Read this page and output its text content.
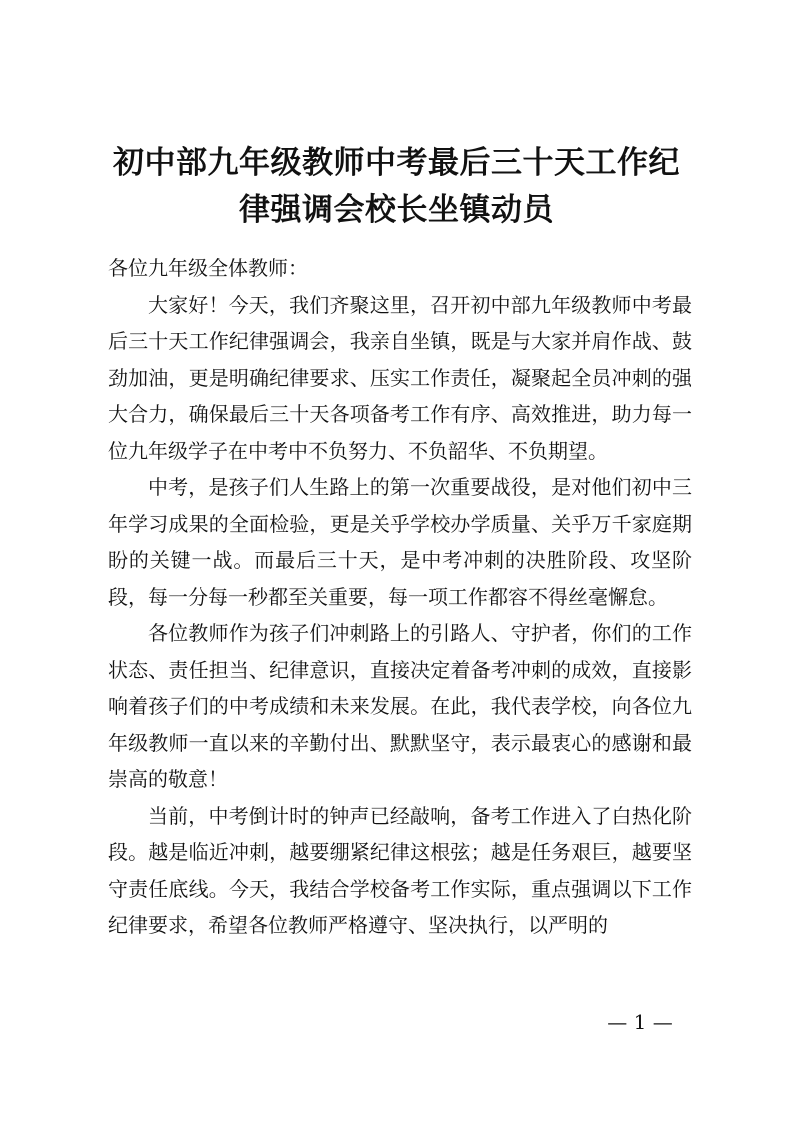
初中部九年级教师中考最后三十天工作纪律强调会校长坐镇动员

各位九年级全体教师：

大家好！今天，我们齐聚这里，召开初中部九年级教师中考最后三十天工作纪律强调会，我亲自坐镇，既是与大家并肩作战、鼓劲加油，更是明确纪律要求、压实工作责任，凝聚起全员冲刺的强大合力，确保最后三十天各项备考工作有序、高效推进，助力每一位九年级学子在中考中不负努力、不负韶华、不负期望。

中考，是孩子们人生路上的第一次重要战役，是对他们初中三年学习成果的全面检验，更是关乎学校办学质量、关乎万千家庭期盼的关键一战。而最后三十天，是中考冲刺的决胜阶段、攻坚阶段，每一分每一秒都至关重要，每一项工作都容不得丝毫懈怠。

各位教师作为孩子们冲刺路上的引路人、守护者，你们的工作状态、责任担当、纪律意识，直接决定着备考冲刺的成效，直接影响着孩子们的中考成绩和未来发展。在此，我代表学校，向各位九年级教师一直以来的辛勤付出、默默坚守，表示最衷心的感谢和最崇高的敬意！

当前，中考倒计时的钟声已经敲响，备考工作进入了白热化阶段。越是临近冲刺，越要绷紧纪律这根弦；越是任务艰巨，越要坚守责任底线。今天，我结合学校备考工作实际，重点强调以下工作纪律要求，希望各位教师严格遵守、坚决执行，以严明的

— 1 —
